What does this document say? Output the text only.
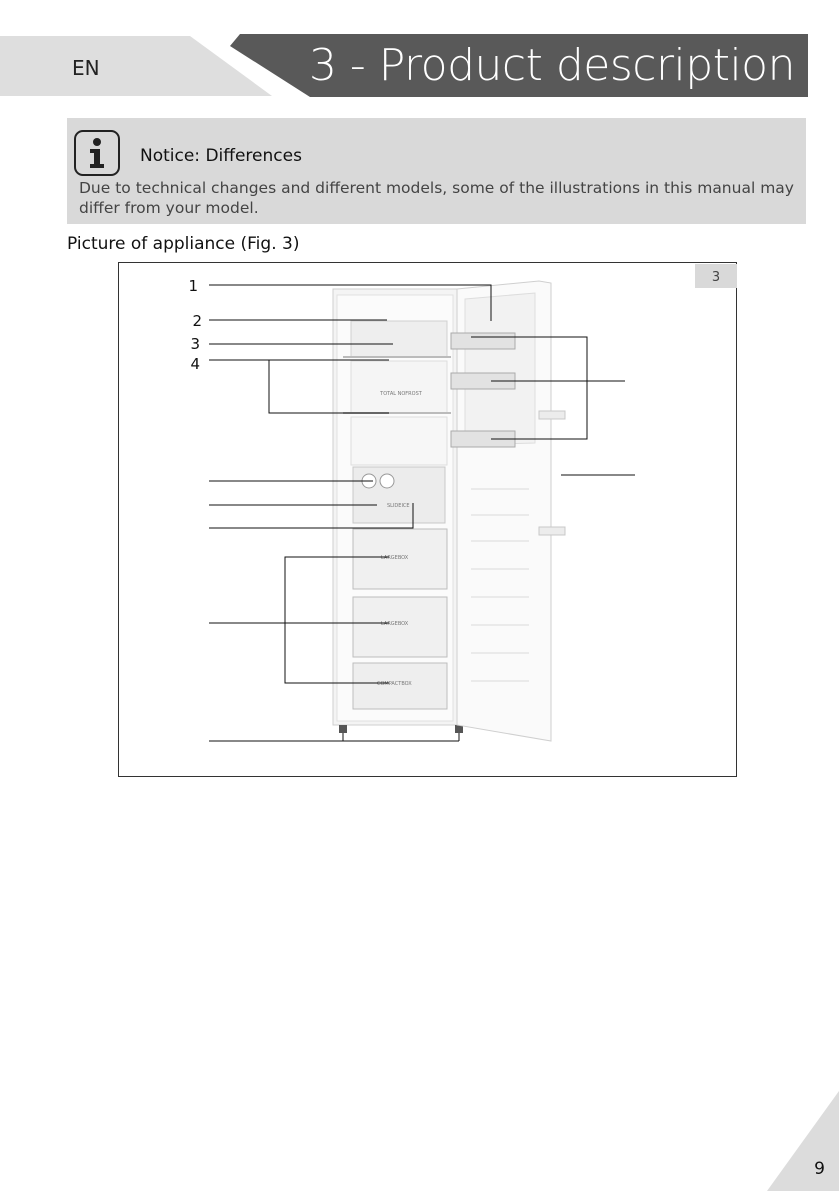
EN	3 - Product description
Notice: Differences
Due to technical changes and different models, some of the illustrations in this manual may differ from your model.
Picture of appliance (Fig. 3)
3
TOTAL NOFROST
SLIDEICE
LARGEBOX
LARGEBOX
COMPACTBOX
1
2
3
4
9
